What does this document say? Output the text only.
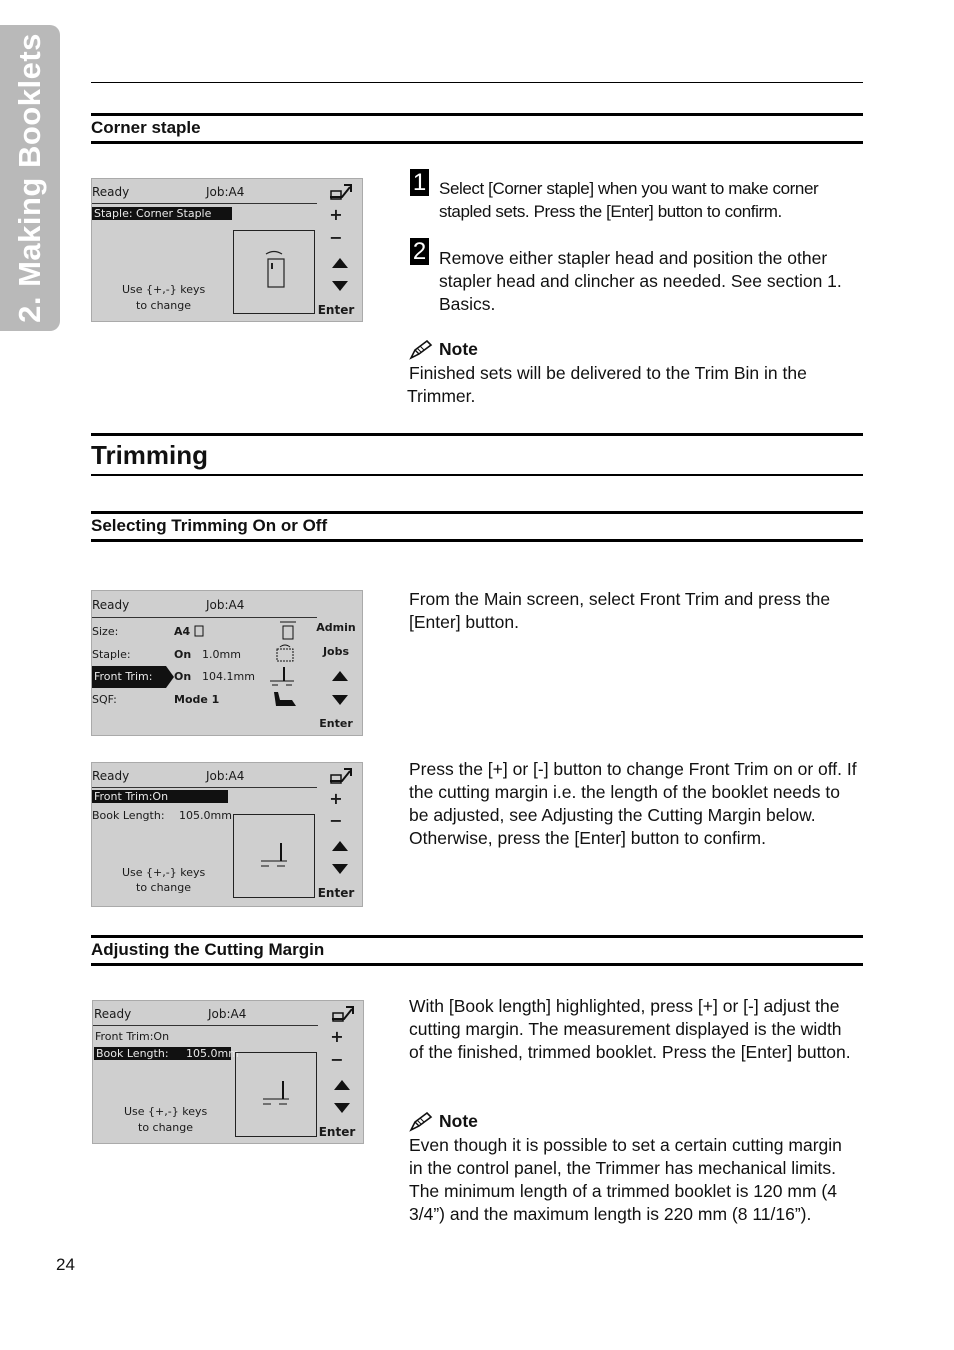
2. Making Booklets	Corner staple
Ready	Job:A4
Staple: Corner Staple
Use {+,-} keys
to change
+
−
Enter
1 Select [Corner staple] when you want to make corner stapled sets. Press the [Enter] button to confirm.
2 Remove either stapler head and position the other stapler head and clincher as needed. See section 1. Basics.
Note
Finished sets will be delivered to the Trim Bin in the Trimmer.
Trimming
Selecting Trimming On or Off
Ready	Job:A4
Size:	A4
Staple:	On 1.0mm
Front Trim: On 104.1mm
SQF:	Mode 1
Admin
Jobs
Enter
From the Main screen, select Front Trim and press the [Enter] button.
Ready	Job:A4
Front Trim:On
Book Length: 105.0mm
Use {+,-} keys
to change
+
−
Enter
Press the [+] or [-] button to change Front Trim on or off. If the cutting margin i.e. the length of the booklet needs to be adjusted, see Adjusting the Cutting Margin below. Otherwise, press the [Enter] button to confirm.
Adjusting the Cutting Margin
Ready	Job:A4
Front Trim:On
Book Length:     105.0mm
Use {+,-} keys
to change
+
−
Enter
With [Book length] highlighted, press [+] or [-] adjust the cutting margin. The measurement displayed is the width of the finished, trimmed booklet. Press the [Enter] button.
Note
Even though it is possible to set a certain cutting margin in the control panel, the Trimmer has mechanical limits. The minimum length of a trimmed booklet is 120 mm (4 3/4”) and the maximum length is 220 mm (8 11/16”).
24
